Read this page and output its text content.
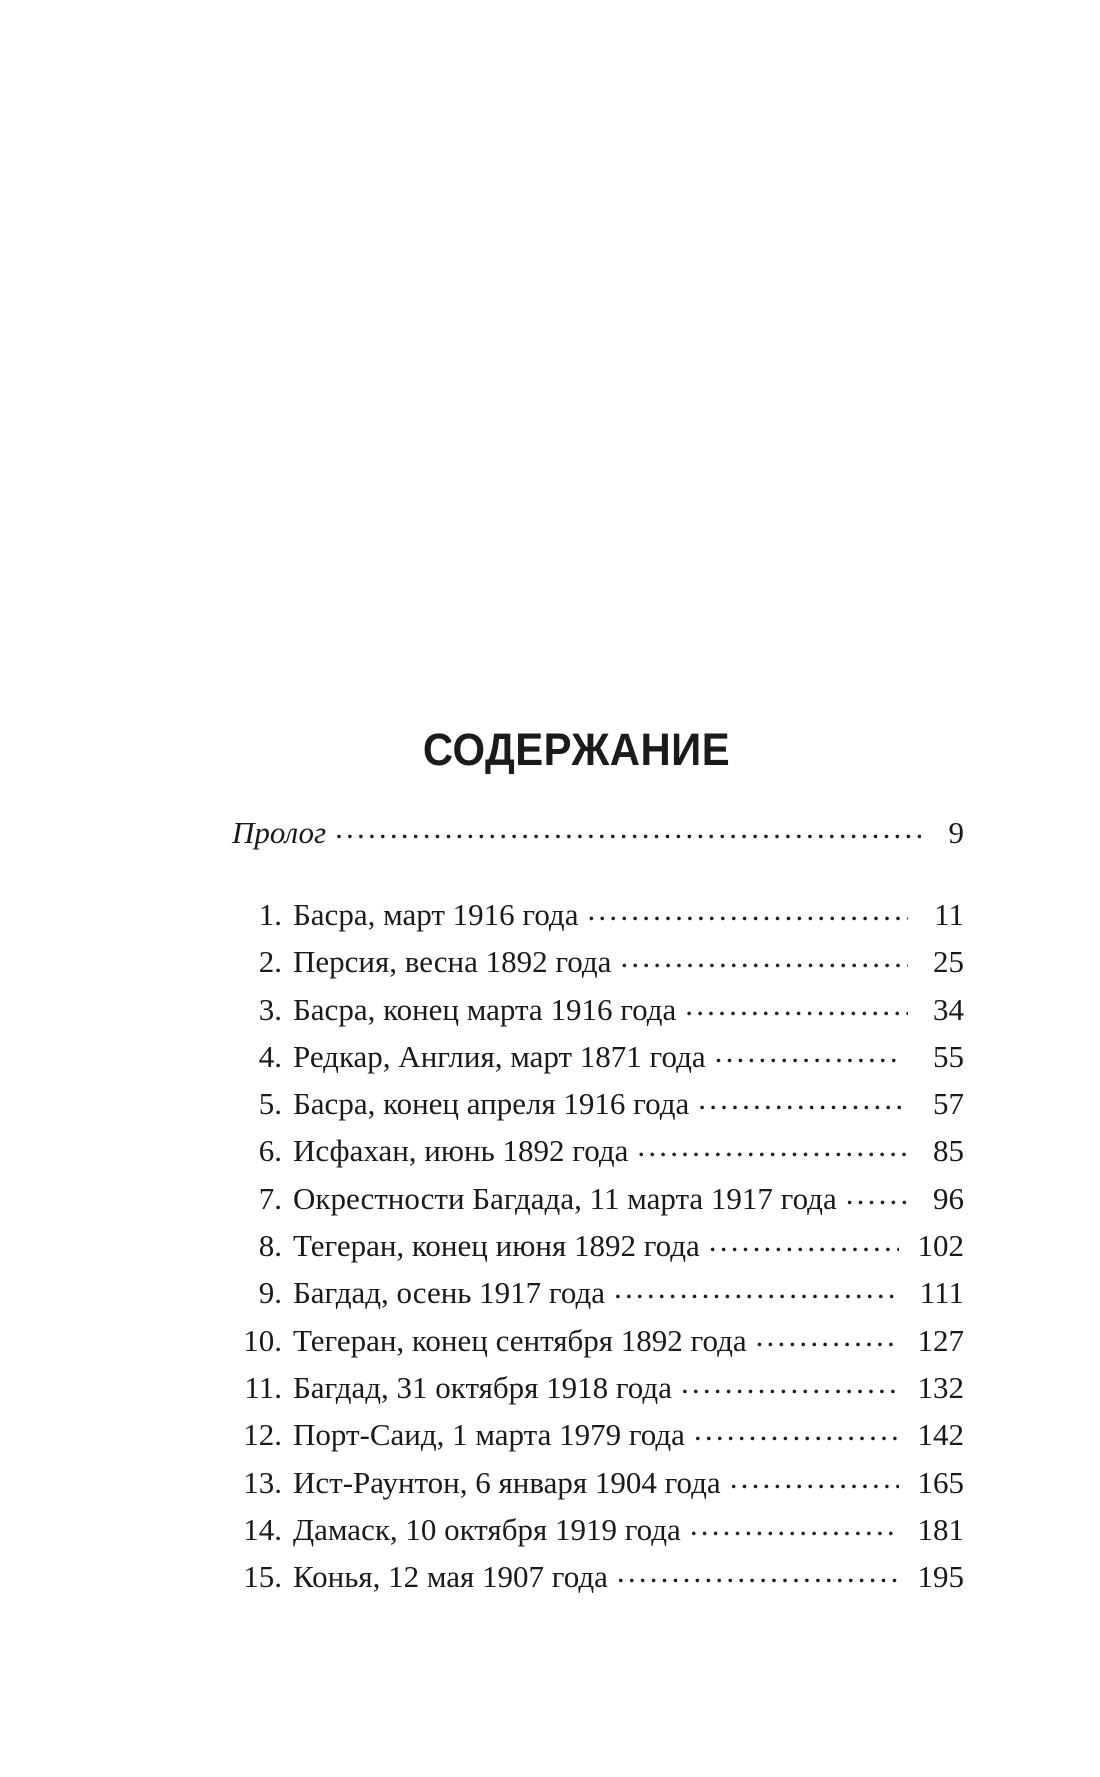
СОДЕРЖАНИЕ
Пролог .....	9
1. Басра, март 1916 года .....	11
2. Персия, весна 1892 года .....	25
3. Басра, конец марта 1916 года .....	34
4. Редкар, Англия, март 1871 года .....	55
5. Басра, конец апреля 1916 года .....	57
6. Исфахан, июнь 1892 года .....	85
7. Окрестности Багдада, 11 марта 1917 года .....	96
8. Тегеран, конец июня 1892 года .....	102
9. Багдад, осень 1917 года .....	111
10. Тегеран, конец сентября 1892 года .....	127
11. Багдад, 31 октября 1918 года .....	132
12. Порт-Саид, 1 марта 1979 года .....	142
13. Ист-Раунтон, 6 января 1904 года .....	165
14. Дамаск, 10 октября 1919 года .....	181
15. Конья, 12 мая 1907 года .....	195
